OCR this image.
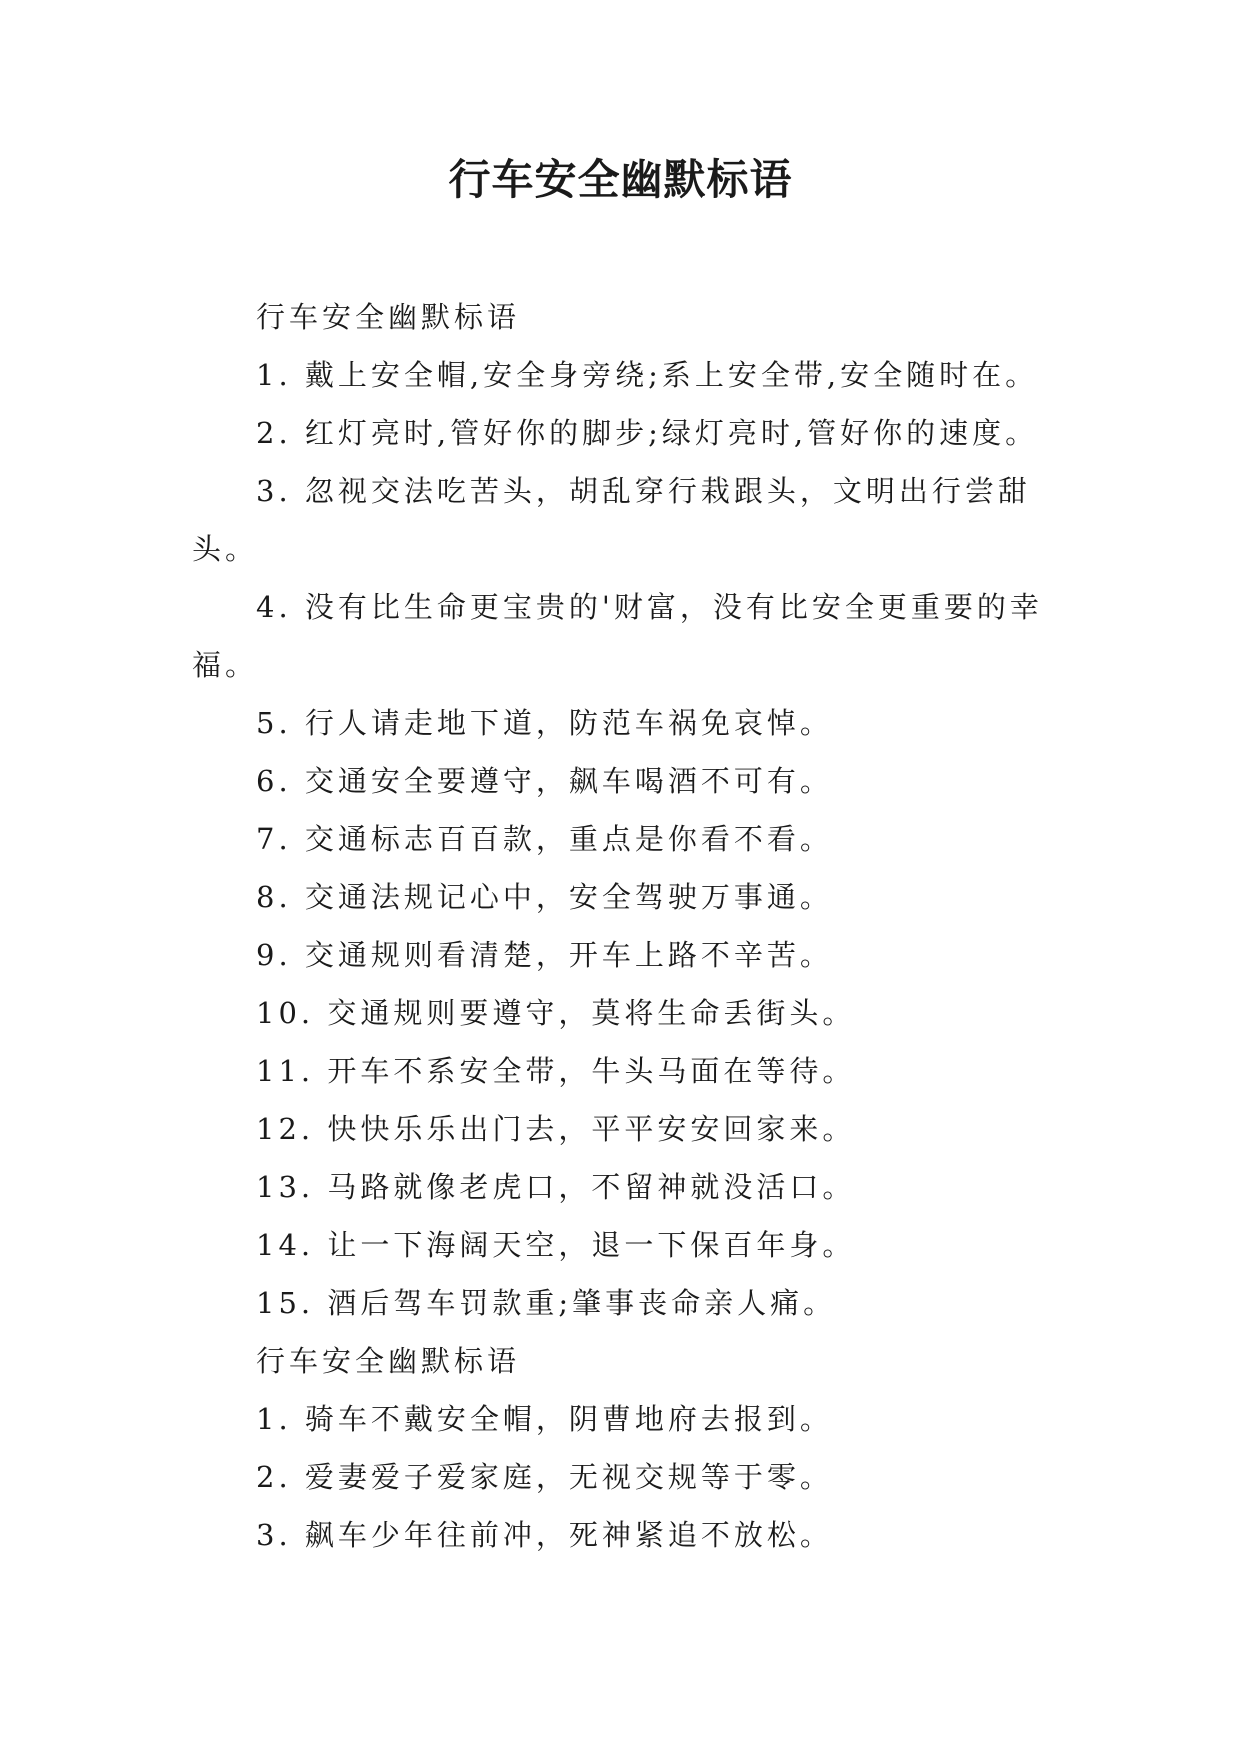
行车安全幽默标语

行车安全幽默标语

1. 戴上安全帽,安全身旁绕;系上安全带,安全随时在。

2. 红灯亮时,管好你的脚步;绿灯亮时,管好你的速度。

3. 忽视交法吃苦头，胡乱穿行栽跟头，文明出行尝甜头。

4. 没有比生命更宝贵的'财富，没有比安全更重要的幸福。

5. 行人请走地下道，防范车祸免哀悼。

6. 交通安全要遵守，飙车喝酒不可有。

7. 交通标志百百款，重点是你看不看。

8. 交通法规记心中，安全驾驶万事通。

9. 交通规则看清楚，开车上路不辛苦。

10. 交通规则要遵守，莫将生命丢街头。

11. 开车不系安全带，牛头马面在等待。

12. 快快乐乐出门去，平平安安回家来。

13. 马路就像老虎口，不留神就没活口。

14. 让一下海阔天空，退一下保百年身。

15. 酒后驾车罚款重;肇事丧命亲人痛。

行车安全幽默标语

1. 骑车不戴安全帽，阴曹地府去报到。

2. 爱妻爱子爱家庭，无视交规等于零。

3. 飙车少年往前冲，死神紧追不放松。
